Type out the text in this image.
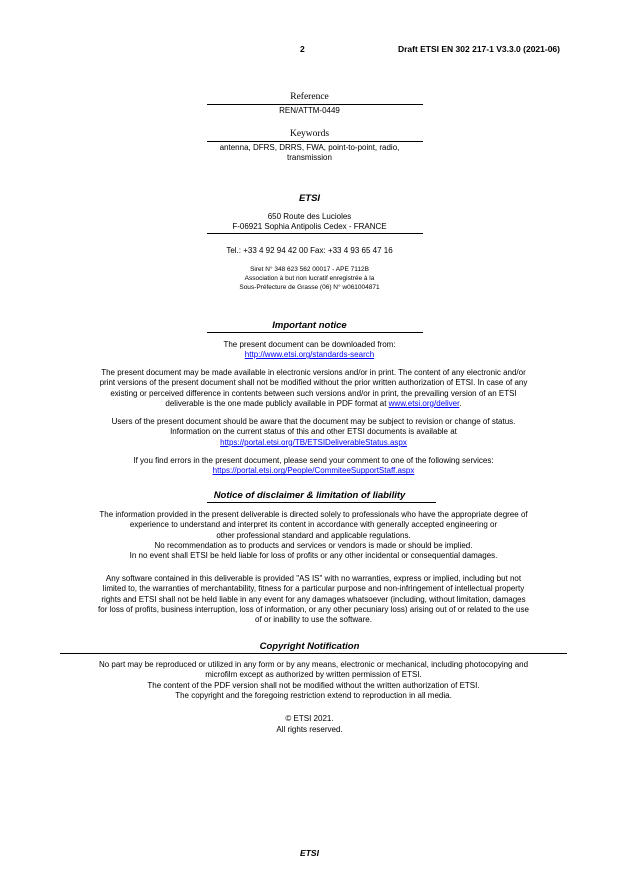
2	Draft ETSI EN 302 217-1 V3.3.0 (2021-06)
Reference
REN/ATTM-0449
Keywords
antenna, DFRS, DRRS, FWA, point-to-point, radio,
transmission
ETSI
650 Route des Lucioles
F-06921 Sophia Antipolis Cedex - FRANCE
Tel.: +33 4 92 94 42 00 Fax: +33 4 93 65 47 16
Siret N° 348 623 562 00017 - APE 7112B
Association à but non lucratif enregistrée à la
Sous-Préfecture de Grasse (06) N° w061004871
Important notice
The present document can be downloaded from:
http://www.etsi.org/standards-search
The present document may be made available in electronic versions and/or in print. The content of any electronic and/or
print versions of the present document shall not be modified without the prior written authorization of ETSI. In case of any
existing or perceived difference in contents between such versions and/or in print, the prevailing version of an ETSI
deliverable is the one made publicly available in PDF format at www.etsi.org/deliver.
Users of the present document should be aware that the document may be subject to revision or change of status.
Information on the current status of this and other ETSI documents is available at
https://portal.etsi.org/TB/ETSIDeliverableStatus.aspx
If you find errors in the present document, please send your comment to one of the following services:
https://portal.etsi.org/People/CommiteeSupportStaff.aspx
Notice of disclaimer & limitation of liability
The information provided in the present deliverable is directed solely to professionals who have the appropriate degree of
experience to understand and interpret its content in accordance with generally accepted engineering or
other professional standard and applicable regulations.
No recommendation as to products and services or vendors is made or should be implied.
In no event shall ETSI be held liable for loss of profits or any other incidental or consequential damages.
Any software contained in this deliverable is provided "AS IS" with no warranties, express or implied, including but not
limited to, the warranties of merchantability, fitness for a particular purpose and non-infringement of intellectual property
rights and ETSI shall not be held liable in any event for any damages whatsoever (including, without limitation, damages
for loss of profits, business interruption, loss of information, or any other pecuniary loss) arising out of or related to the use
of or inability to use the software.
Copyright Notification
No part may be reproduced or utilized in any form or by any means, electronic or mechanical, including photocopying and
microfilm except as authorized by written permission of ETSI.
The content of the PDF version shall not be modified without the written authorization of ETSI.
The copyright and the foregoing restriction extend to reproduction in all media.
© ETSI 2021.
All rights reserved.
ETSI
